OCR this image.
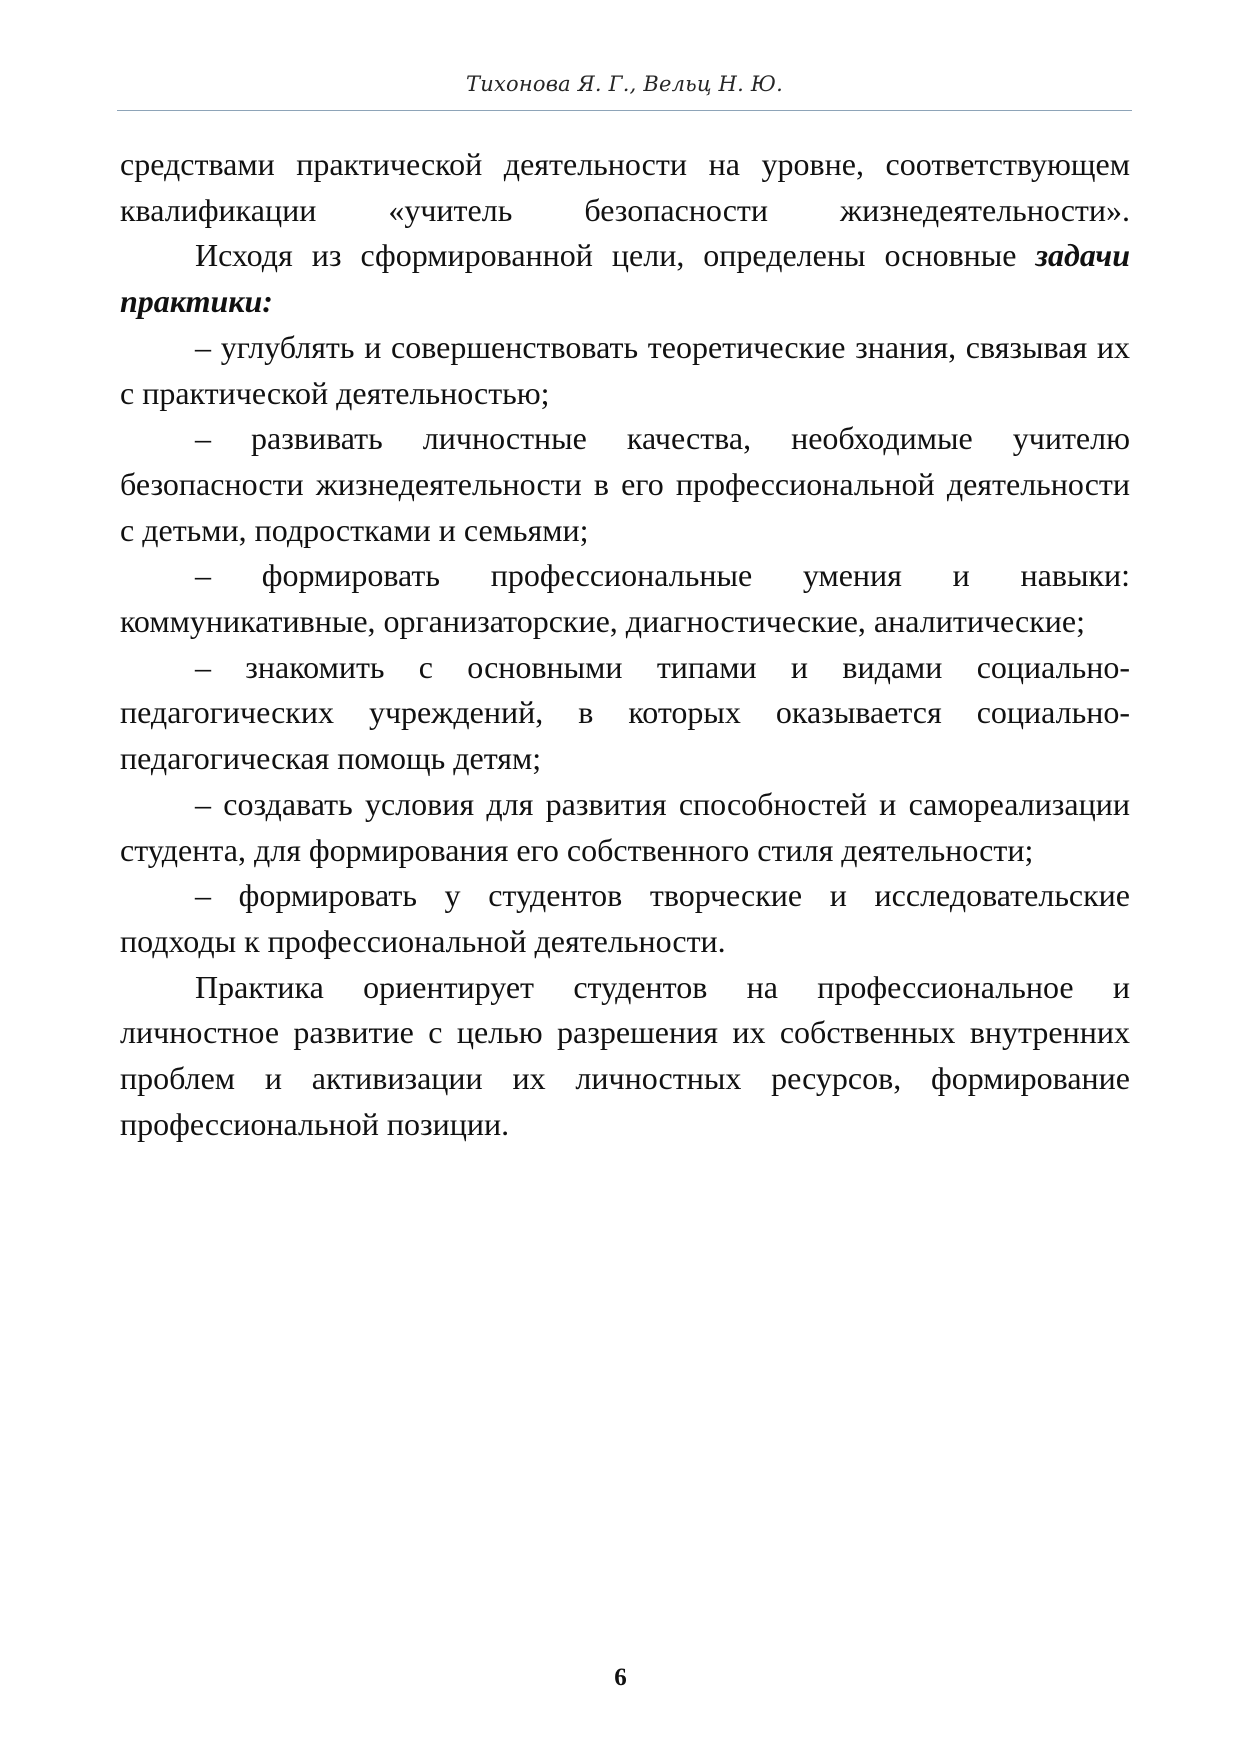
Тихонова Я. Г., Вельц Н. Ю.

средствами практической деятельности на уровне, соответствующем квалификации «учитель безопасности жизнедеятельности».

Исходя из сформированной цели, определены основные задачи практики:

– углублять и совершенствовать теоретические знания, связывая их с практической деятельностью;

– развивать личностные качества, необходимые учителю безопасности жизнедеятельности в его профессиональной деятельности с детьми, подростками и семьями;

– формировать профессиональные умения и навыки: коммуникативные, организаторские, диагностические, аналитические;

– знакомить с основными типами и видами социально-педагогических учреждений, в которых оказывается социально-педагогическая помощь детям;

– создавать условия для развития способностей и самореализации студента, для формирования его собственного стиля деятельности;

– формировать у студентов творческие и исследовательские подходы к профессиональной деятельности.

Практика ориентирует студентов на профессиональное и личностное развитие с целью разрешения их собственных внутренних проблем и активизации их личностных ресурсов, формирование профессиональной позиции.

6
